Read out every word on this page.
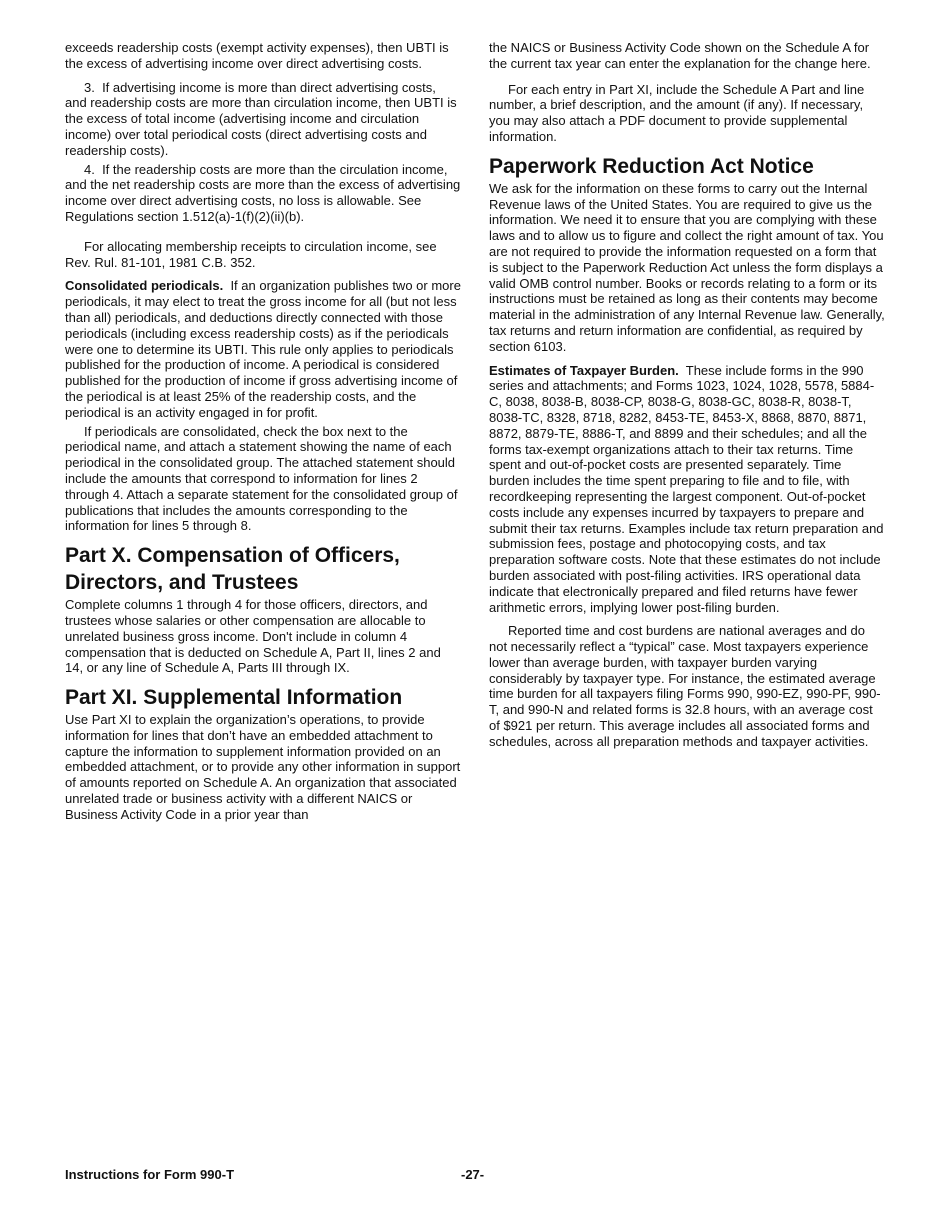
exceeds readership costs (exempt activity expenses), then UBTI is the excess of advertising income over direct advertising costs.

3.  If advertising income is more than direct advertising costs, and readership costs are more than circulation income, then UBTI is the excess of total income (advertising income and circulation income) over total periodical costs (direct advertising costs and readership costs).

4.  If the readership costs are more than the circulation income, and the net readership costs are more than the excess of advertising income over direct advertising costs, no loss is allowable. See Regulations section 1.512(a)-1(f)(2)(ii)(b).

For allocating membership receipts to circulation income, see Rev. Rul. 81-101, 1981 C.B. 352.

Consolidated periodicals. If an organization publishes two or more periodicals, it may elect to treat the gross income for all (but not less than all) periodicals, and deductions directly connected with those periodicals (including excess readership costs) as if the periodicals were one to determine its UBTI. This rule only applies to periodicals published for the production of income. A periodical is considered published for the production of income if gross advertising income of the periodical is at least 25% of the readership costs, and the periodical is an activity engaged in for profit.

If periodicals are consolidated, check the box next to the periodical name, and attach a statement showing the name of each periodical in the consolidated group. The attached statement should include the amounts that correspond to information for lines 2 through 4. Attach a separate statement for the consolidated group of publications that includes the amounts corresponding to the information for lines 5 through 8.

Part X. Compensation of Officers, Directors, and Trustees

Complete columns 1 through 4 for those officers, directors, and trustees whose salaries or other compensation are allocable to unrelated business gross income. Don't include in column 4 compensation that is deducted on Schedule A, Part II, lines 2 and 14, or any line of Schedule A, Parts III through IX.

Part XI. Supplemental Information

Use Part XI to explain the organization’s operations, to provide information for lines that don’t have an embedded attachment to capture the information to supplement information provided on an embedded attachment, or to provide any other information in support of amounts reported on Schedule A. An organization that associated unrelated trade or business activity with a different NAICS or Business Activity Code in a prior year than

the NAICS or Business Activity Code shown on the Schedule A for the current tax year can enter the explanation for the change here.

For each entry in Part XI, include the Schedule A Part and line number, a brief description, and the amount (if any). If necessary, you may also attach a PDF document to provide supplemental information.

Paperwork Reduction Act Notice

We ask for the information on these forms to carry out the Internal Revenue laws of the United States. You are required to give us the information. We need it to ensure that you are complying with these laws and to allow us to figure and collect the right amount of tax. You are not required to provide the information requested on a form that is subject to the Paperwork Reduction Act unless the form displays a valid OMB control number. Books or records relating to a form or its instructions must be retained as long as their contents may become material in the administration of any Internal Revenue law. Generally, tax returns and return information are confidential, as required by section 6103.

Estimates of Taxpayer Burden. These include forms in the 990 series and attachments; and Forms 1023, 1024, 1028, 5578, 5884-C, 8038, 8038-B, 8038-CP, 8038-G, 8038-GC, 8038-R, 8038-T, 8038-TC, 8328, 8718, 8282, 8453-TE, 8453-X, 8868, 8870, 8871, 8872, 8879-TE, 8886-T, and 8899 and their schedules; and all the forms tax-exempt organizations attach to their tax returns. Time spent and out-of-pocket costs are presented separately. Time burden includes the time spent preparing to file and to file, with recordkeeping representing the largest component. Out-of-pocket costs include any expenses incurred by taxpayers to prepare and submit their tax returns. Examples include tax return preparation and submission fees, postage and photocopying costs, and tax preparation software costs. Note that these estimates do not include burden associated with post-filing activities. IRS operational data indicate that electronically prepared and filed returns have fewer arithmetic errors, implying lower post-filing burden.

Reported time and cost burdens are national averages and do not necessarily reflect a “typical” case. Most taxpayers experience lower than average burden, with taxpayer burden varying considerably by taxpayer type. For instance, the estimated average time burden for all taxpayers filing Forms 990, 990-EZ, 990-PF, 990-T, and 990-N and related forms is 32.8 hours, with an average cost of $921 per return. This average includes all associated forms and schedules, across all preparation methods and taxpayer activities.

Instructions for Form 990-T	-27-
